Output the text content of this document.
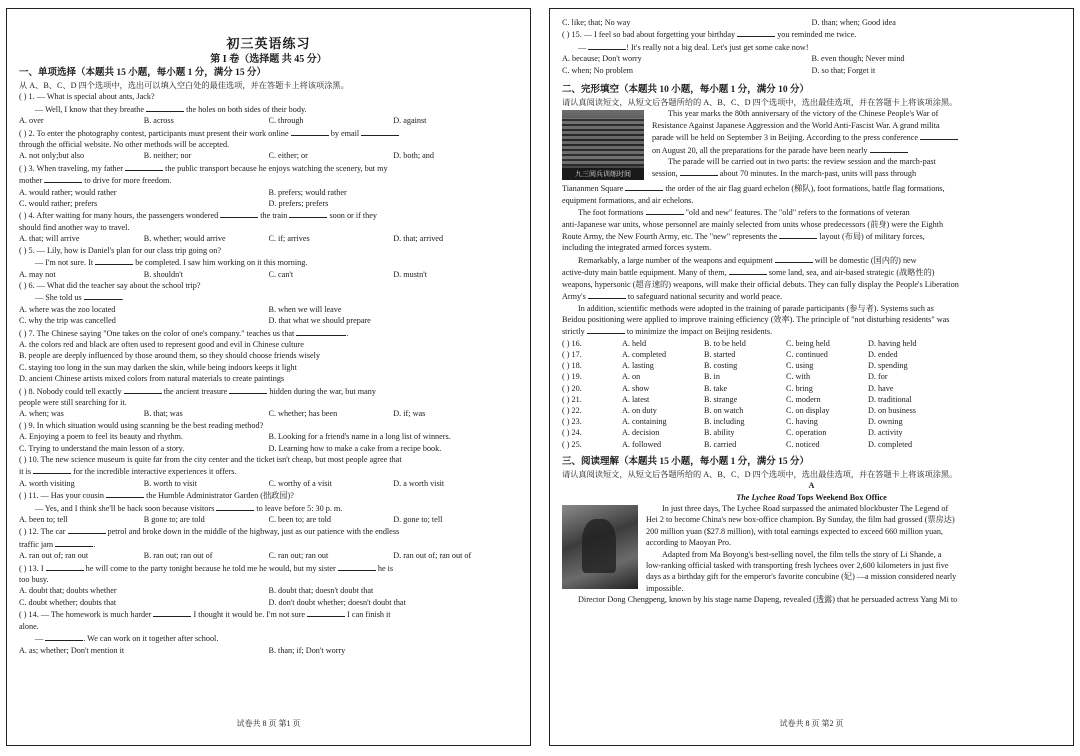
初三英语练习
第 I 卷（选择题 共 45 分）
一、单项选择（本题共 15 小题，每小题 1 分，满分 15 分）
从 A、B、C、D 四个选项中，选出可以填入空白处的最佳选项，并在答题卡上将该项涂黑。
( ) 1. — What is special about ants, Jack?
— Well, I know that they breathe	the holes on both sides of their body.
A. over	B. across	C. through	D. against
( ) 2. To enter the photography contest, participants must present their work online	by email
through the official website. No other methods will be accepted.
A. not only;but also	B. neither; nor	C. either; or	D. both; and
( ) 3. When traveling, my father	the public transport because he enjoys watching the scenery, but my
mother	to drive for more freedom.
A. would rather; would rather	B. prefers; would rather
C. would rather; prefers	D. prefers; prefers
( ) 4. After waiting for many hours, the passengers wondered	the train	soon or if they
should find another way to travel.
A. that; will arrive	B. whether; would arrive	C. if; arrives	D. that; arrived
( ) 5. — Lily, how is Daniel's plan for our class trip going on?
— I'm not sure. It	be completed. I saw him working on it this morning.
A. may not	B. shouldn't	C. can't	D. mustn't
( ) 6. — What did the teacher say about the school trip?
— She told us	.
A. where was the zoo located	B. when we will leave
C. why the trip was cancelled	D. that what we should prepare
( ) 7. The Chinese saying "One takes on the color of one's company." teaches us that	.
A. the colors red and black are often used to represent good and evil in Chinese culture
B. people are deeply influenced by those around them, so they should choose friends wisely
C. staying too long in the sun may darken the skin, while being indoors keeps it light
D. ancient Chinese artists mixed colors from natural materials to create paintings
( ) 8. Nobody could tell exactly	the ancient treasure	hidden during the war, but many
people were still searching for it.
A. when; was	B. that; was	C. whether; has been	D. if; was
( ) 9. In which situation would using scanning be the best reading method?
A. Enjoying a poem to feel its beauty and rhythm.	B. Looking for a friend's name in a long list of winners.
C. Trying to understand the main lesson of a story.	D. Learning how to make a cake from a recipe book.
( ) 10. The new science museum is quite far from the city center and the ticket isn't cheap, but most people agree that
it is	for the incredible interactive experiences it offers.
A. worth visiting	B. worth to visit	C. worthy of a visit	D. a worth visit
( ) 11. — Has your cousin	the Humble Administrator Garden (拙政园)?
— Yes, and I think she'll be back soon because visitors	to leave before 5: 30 p. m.
A. been to; tell	B gone to; are told	C. been to; are told	D. gone to; tell
( ) 12. The car	petrol and broke down in the middle of the highway, just as our patience with the endless
traffic jam	.
A. ran out of; ran out	B. ran out; ran out of	C. ran out; ran out	D. ran out of; ran out of
( ) 13. I	he will come to the party tonight because he told me he would, but my sister	he is
too busy.
A. doubt that; doubts whether	B. doubt that; doesn't doubt that
C. doubt whether; doubts that	D. don't doubt whether; doesn't doubt that
( ) 14. — The homework is much harder	I thought it would be. I'm not sure	I can finish it
alone.
—	. We can work on it together after school.
A. as; whether; Don't mention it	B. than; if; Don't worry
试卷共 8 页 第1 页
C. like; that; No way	D. than; when; Good idea
( ) 15. — I feel so bad about forgetting your birthday	you reminded me twice.
—	! It's really not a big deal. Let's just get some cake now!
A. because; Don't worry	B. even though; Never mind
C. when; No problem	D. so that; Forget it
二、完形填空（本题共 10 小题，每小题 1 分，满分 10 分）
请认真阅读短文，从短文后各题所给的 A、B、C、D 四个选项中，选出最佳选项，并在答题卡上将该项涂黑。
九三阅兵训练时间
This year marks the 80th anniversary of the victory of the Chinese People's War of
Resistance Against Japanese Aggression and the World Anti-Fascist War. A grand milita
parade will be held on September 3 in Beijing. According to the press conference
on August 20, all the preparations for the parade have been nearly
The parade will be carried out in two parts: the review session and the march-past
session,	about 70 minutes. In the march-past, units will pass through
Tiananmen Square	the order of the air flag guard echelon (梯队), foot formations, battle flag formations,
equipment formations, and air echelons.
The foot formations	"old and new" features. The "old" refers to the formations of veteran
anti-Japanese war units, whose personnel are mainly selected from units whose predecessors (前身) were the Eighth
Route Army, the New Fourth Army, etc. The "new" represents the	layout (布局) of military forces,
including the integrated armed forces system.
Remarkably, a large number of the weapons and equipment	will be domestic (国内的) new
active-duty main battle equipment. Many of them,	some land, sea, and air-based strategic (战略性的)
weapons, hypersonic (超音速的) weapons, will make their official debuts. They can fully display the People's Liberation
Army's	to safeguard national security and world peace.
In addition, scientific methods were adopted in the training of parade participants (参与者). Systems such as
Beidou positioning were applied to improve training efficiency (效率). The principle of "not disturbing residents" was
strictly	to minimize the impact on Beijing residents.
( ) 16.	A. held	B. to be held	C. being held	D. having held
( ) 17.	A. completed	B. started	C. continued	D. ended
( ) 18.	A. lasting	B. costing	C. using	D. spending
( ) 19.	A. on	B. in	C. with	D. for
( ) 20.	A. show	B. take	C. bring	D. have
( ) 21.	A. latest	B. strange	C. modern	D. traditional
( ) 22.	A. on duty	B. on watch	C. on display	D. on business
( ) 23.	A. containing	B. including	C. having	D. owning
( ) 24.	A. decision	B. ability	C. operation	D. activity
( ) 25.	A. followed	B. carried	C. noticed	D. completed
三、阅读理解（本题共 15 小题，每小题 1 分，满分 15 分）
请认真阅读短文，从短文后各题所给的 A、B、C、D 四个选项中，选出最佳选项，并在答题卡上将该项涂黑。
A
The Lychee Road Tops Weekend Box Office
In just three days, The Lychee Road surpassed the animated blockbuster The Legend of
Hei 2 to become China's new box-office champion. By Sunday, the film had grossed (票房达)
200 million yuan ($27.8 million), with total earnings expected to exceed 660 million yuan,
according to Maoyan Pro.
Adapted from Ma Boyong's best-selling novel, the film tells the story of Li Shande, a
low-ranking official tasked with transporting fresh lychees over 2,600 kilometers in just five
days as a birthday gift for the emperor's favorite concubine (妃) —a mission considered nearly
impossible.
Director Dong Chengpeng, known by his stage name Dapeng, revealed (透露) that he persuaded actress Yang Mi to
试卷共 8 页 第2 页
